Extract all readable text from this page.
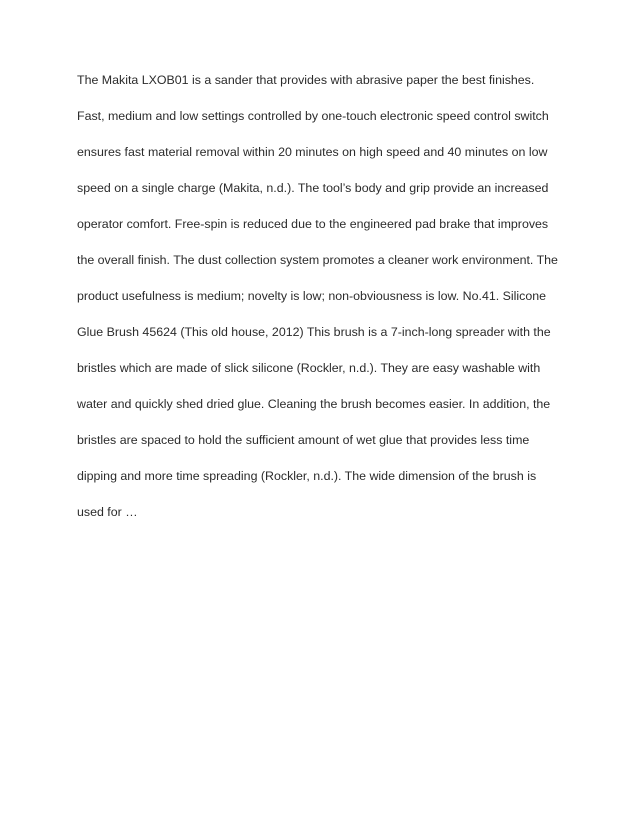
The Makita LXOB01 is a sander that provides with abrasive paper the best finishes.
Fast, medium and low settings controlled by one-touch electronic speed control switch
ensures fast material removal within 20 minutes on high speed and 40 minutes on low
speed on a single charge (Makita, n.d.). The tool’s body and grip provide an increased
operator comfort. Free-spin is reduced due to the engineered pad brake that improves
the overall finish. The dust collection system promotes a cleaner work environment. The
product usefulness is medium; novelty is low; non-obviousness is low. No.41. Silicone
Glue Brush 45624 (This old house, 2012) This brush is a 7-inch-long spreader with the
bristles which are made of slick silicone (Rockler, n.d.). They are easy washable with
water and quickly shed dried glue. Cleaning the brush becomes easier. In addition, the
bristles are spaced to hold the sufficient amount of wet glue that provides less time
dipping and more time spreading (Rockler, n.d.). The wide dimension of the brush is
used for …
